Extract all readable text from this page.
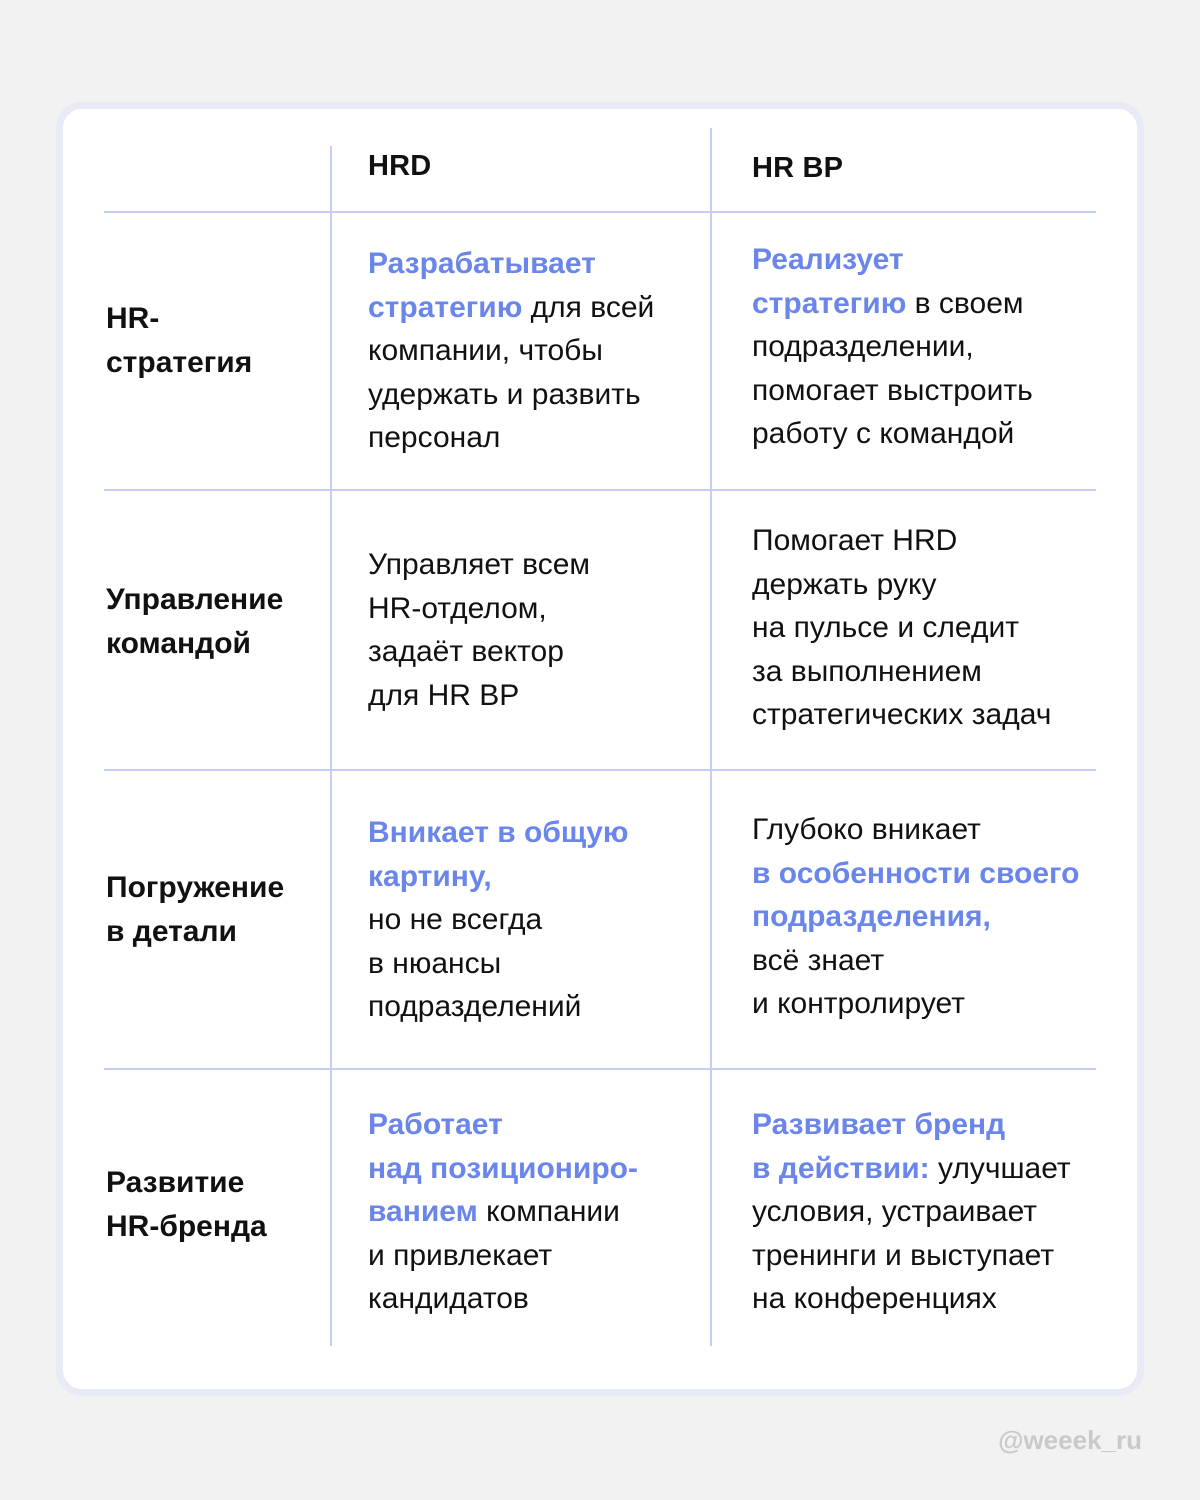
HRD	HR BP
HR-
стратегия
Разрабатывает
стратегию для всей
компании, чтобы
удержать и развить
персонал
Реализует
стратегию в своем
подразделении,
помогает выстроить
работу с командой
Управление
командой
Управляет всем
HR-отделом,
задаёт вектор
для HR BP
Помогает HRD
держать руку
на пульсе и следит
за выполнением
стратегических задач
Погружение
в детали
Вникает в общую
картину,
но не всегда
в нюансы
подразделений
Глубоко вникает
в особенности своего
подразделения,
всё знает
и контролирует
Развитие
HR-бренда
Работает
над позициониро-
ванием компании
и привлекает
кандидатов
Развивает бренд
в действии: улучшает
условия, устраивает
тренинги и выступает
на конференциях
@weeek_ru
